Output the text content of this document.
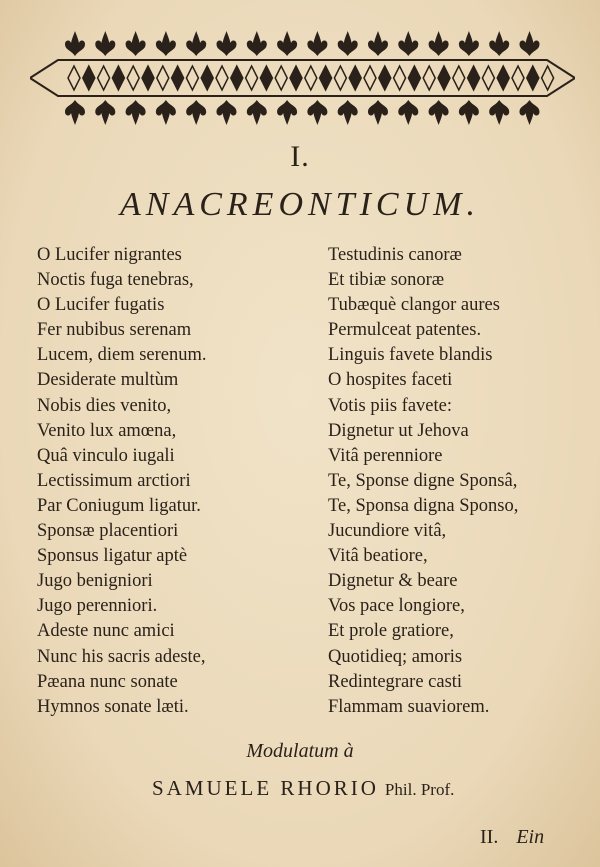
I.
ANACREONTICUM.
O Lucifer nigrantes
Noctis fuga tenebras,
O Lucifer fugatis
Fer nubibus serenam
Lucem, diem serenum.
Desiderate multùm
Nobis dies venito,
Venito lux amœna,
Quâ vinculo iugali
Lectissimum arctiori
Par Coniugum ligatur.
Sponsæ placentiori
Sponsus ligatur aptè
Jugo benigniori
Jugo perenniori.
Adeste nunc amici
Nunc his sacris adeste,
Pæana nunc sonate
Hymnos sonate læti.
Testudinis canoræ
Et tibiæ sonoræ
Tubæquè clangor aures
Permulceat patentes.
Linguis favete blandis
O hospites faceti
Votis piis favete:
Dignetur ut Jehova
Vitâ perenniore
Te, Sponse digne Sponsâ,
Te, Sponsa digna Sponso,
Jucundiore vitâ,
Vitâ beatiore,
Dignetur & beare
Vos pace longiore,
Et prole gratiore,
Quotidieq; amoris
Redintegrare casti
Flammam suaviorem.
Modulatum à
SAMUELE RHORIO Phil. Prof.
II. Ein
